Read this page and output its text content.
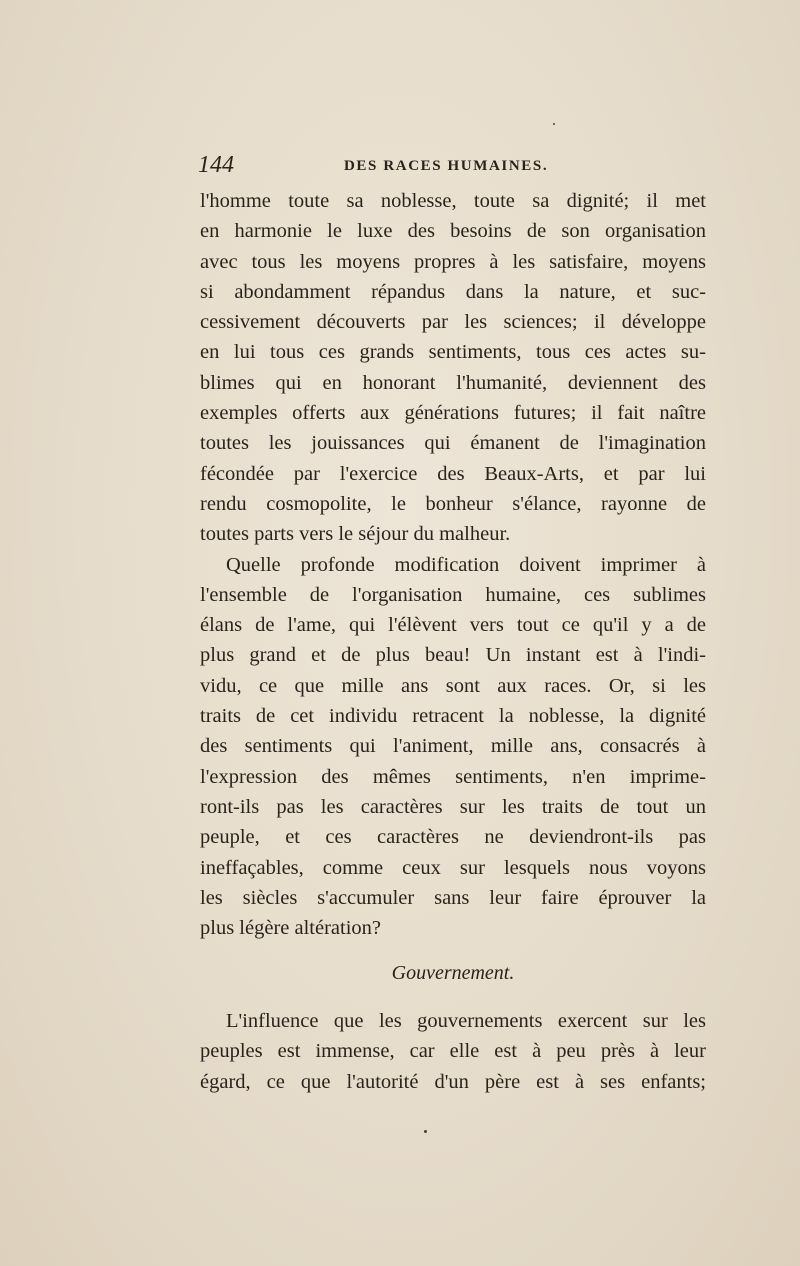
144	DES RACES HUMAINES.
l'homme toute sa noblesse, toute sa dignité; il met
en harmonie le luxe des besoins de son organisation
avec tous les moyens propres à les satisfaire, moyens
si abondamment répandus dans la nature, et suc-
cessivement découverts par les sciences; il développe
en lui tous ces grands sentiments, tous ces actes su-
blimes qui en honorant l'humanité, deviennent des
exemples offerts aux générations futures; il fait naître
toutes les jouissances qui émanent de l'imagination
fécondée par l'exercice des Beaux-Arts, et par lui
rendu cosmopolite, le bonheur s'élance, rayonne de
toutes parts vers le séjour du malheur.
Quelle profonde modification doivent imprimer à
l'ensemble de l'organisation humaine, ces sublimes
élans de l'ame, qui l'élèvent vers tout ce qu'il y a de
plus grand et de plus beau! Un instant est à l'indi-
vidu, ce que mille ans sont aux races. Or, si les
traits de cet individu retracent la noblesse, la dignité
des sentiments qui l'animent, mille ans, consacrés à
l'expression des mêmes sentiments, n'en imprime-
ront-ils pas les caractères sur les traits de tout un
peuple, et ces caractères ne deviendront-ils pas
ineffaçables, comme ceux sur lesquels nous voyons
les siècles s'accumuler sans leur faire éprouver la
plus légère altération?
Gouvernement.
L'influence que les gouvernements exercent sur les
peuples est immense, car elle est à peu près à leur
égard, ce que l'autorité d'un père est à ses enfants;
